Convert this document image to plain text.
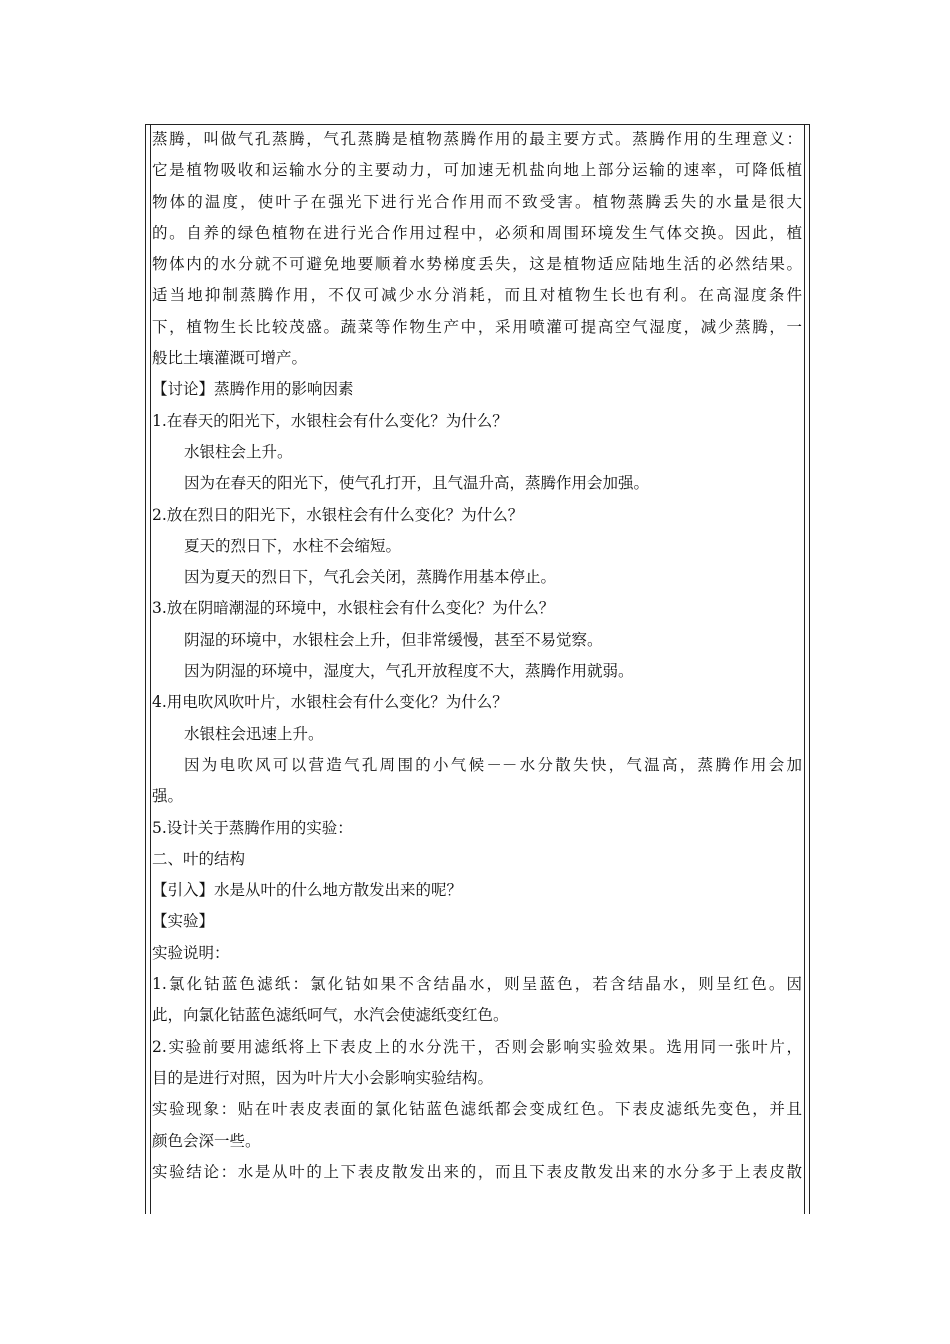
蒸腾，叫做气孔蒸腾，气孔蒸腾是植物蒸腾作用的最主要方式。蒸腾作用的生理意义：
它是植物吸收和运输水分的主要动力，可加速无机盐向地上部分运输的速率，可降低植
物体的温度，使叶子在强光下进行光合作用而不致受害。植物蒸腾丢失的水量是很大
的。自养的绿色植物在进行光合作用过程中，必须和周围环境发生气体交换。因此，植
物体内的水分就不可避免地要顺着水势梯度丢失，这是植物适应陆地生活的必然结果。
适当地抑制蒸腾作用，不仅可减少水分消耗，而且对植物生长也有利。在高湿度条件
下，植物生长比较茂盛。蔬菜等作物生产中，采用喷灌可提高空气湿度，减少蒸腾，一
般比土壤灌溉可增产。
【讨论】蒸腾作用的影响因素
1.在春天的阳光下，水银柱会有什么变化？为什么？
水银柱会上升。
因为在春天的阳光下，使气孔打开，且气温升高，蒸腾作用会加强。
2.放在烈日的阳光下，水银柱会有什么变化？为什么？
夏天的烈日下，水柱不会缩短。
因为夏天的烈日下，气孔会关闭，蒸腾作用基本停止。
3.放在阴暗潮湿的环境中，水银柱会有什么变化？为什么？
阴湿的环境中，水银柱会上升，但非常缓慢，甚至不易觉察。
因为阴湿的环境中，湿度大，气孔开放程度不大，蒸腾作用就弱。
4.用电吹风吹叶片，水银柱会有什么变化？为什么？
水银柱会迅速上升。
因为电吹风可以营造气孔周围的小气候－－水分散失快，气温高，蒸腾作用会加
强。
5.设计关于蒸腾作用的实验：
二、叶的结构
【引入】水是从叶的什么地方散发出来的呢？
【实验】
实验说明：
1.氯化钴蓝色滤纸：氯化钴如果不含结晶水，则呈蓝色，若含结晶水，则呈红色。因
此，向氯化钴蓝色滤纸呵气，水汽会使滤纸变红色。
2.实验前要用滤纸将上下表皮上的水分洗干，否则会影响实验效果。选用同一张叶片，
目的是进行对照，因为叶片大小会影响实验结构。
实验现象：贴在叶表皮表面的氯化钴蓝色滤纸都会变成红色。下表皮滤纸先变色，并且
颜色会深一些。
实验结论：水是从叶的上下表皮散发出来的，而且下表皮散发出来的水分多于上表皮散
